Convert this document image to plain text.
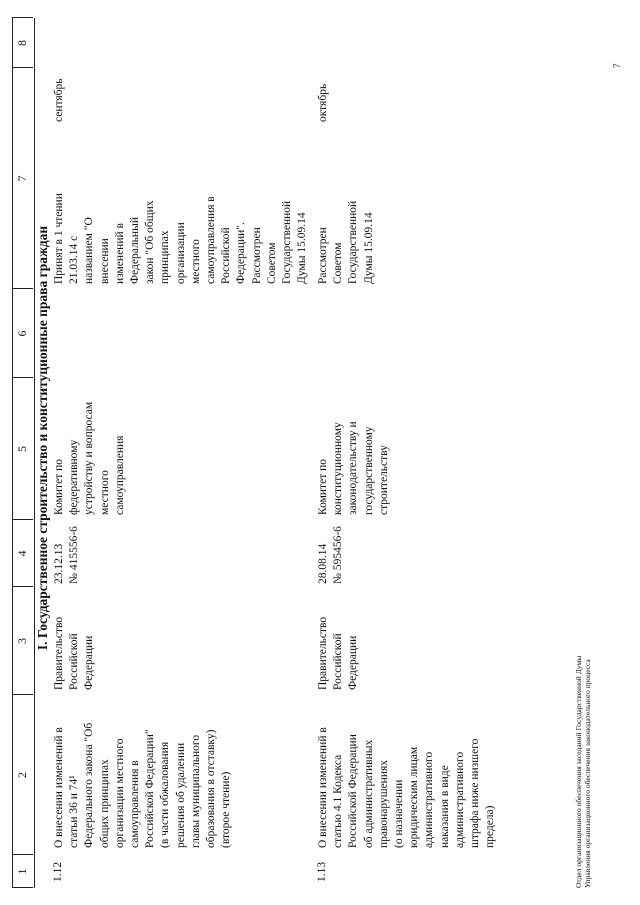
1
2
3
4
5
6
7
8
I. Государственное строительство и конституционные права граждан
1.12
О внесении изменений в
статьи 36 и 74¹
Федерального закона "Об
общих принципах
организации местного
самоуправления в
Российской Федерации"
(в части обжалования
решения об удалении
главы муниципального
образования в отставку)
(второе чтение)
Правительство
Российской Федерации
23.12.13
№ 415556-6
Комитет по
федеративному
устройству и вопросам
местного
самоуправления
Принят в 1 чтении
21.03.14 с
названием "О
внесении
изменений в
Федеральный
закон "Об общих
принципах
организации
местного
самоуправления в
Российской
Федерации".
Рассмотрен
Советом
Государственной
Думы 15.09.14
сентябрь
1.13
О внесении изменений в
статью 4.1 Кодекса
Российской Федерации
об административных
правонарушениях
(о назначении
юридическим лицам
административного
наказания в виде
административного
штрафа ниже низшего
предела)
Правительство
Российской Федерации
28.08.14
№ 595456-6
Комитет по
конституционному
законодательству и
государственному
строительству
Рассмотрен
Советом
Государственной
Думы 15.09.14
октябрь
Отдел организационного обеспечения заседаний Государственной Думы
Управления организационного обеспечения законодательного процесса
7
